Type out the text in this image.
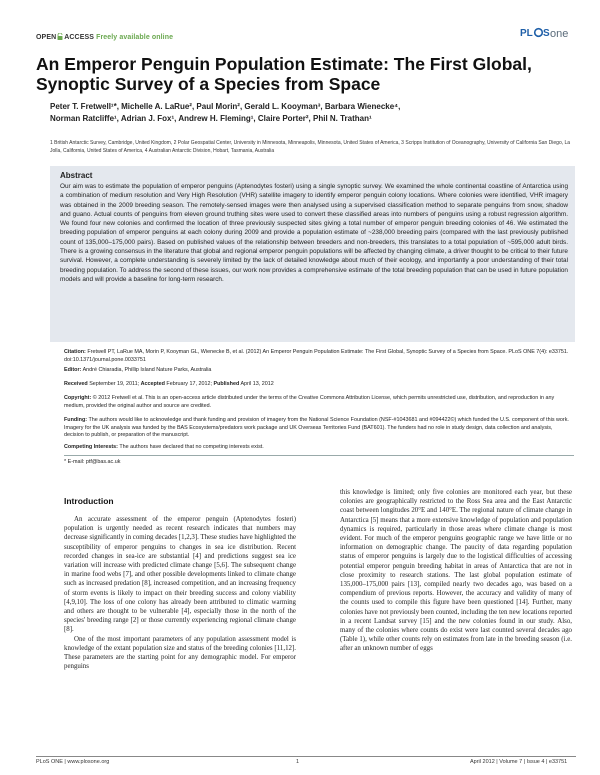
OPEN ACCESS Freely available online	PL S one
An Emperor Penguin Population Estimate: The First Global, Synoptic Survey of a Species from Space
Peter T. Fretwell¹*, Michelle A. LaRue², Paul Morin², Gerald L. Kooyman³, Barbara Wienecke⁴,
Norman Ratcliffe¹, Adrian J. Fox¹, Andrew H. Fleming¹, Claire Porter², Phil N. Trathan¹
1 British Antarctic Survey, Cambridge, United Kingdom, 2 Polar Geospatial Center, University in Minnesota, Minneapolis, Minnesota, United States of America, 3 Scripps Institution of Oceanography, University of California San Diego, La Jolla, California, United States of America, 4 Australian Antarctic Division, Hobart, Tasmania, Australia
Abstract
Our aim was to estimate the population of emperor penguins (Aptenodytes fosteri) using a single synoptic survey. We examined the whole continental coastline of Antarctica using a combination of medium resolution and Very High Resolution (VHR) satellite imagery to identify emperor penguin colony locations. Where colonies were identified, VHR imagery was obtained in the 2009 breeding season. The remotely-sensed images were then analysed using a supervised classification method to separate penguins from snow, shadow and guano. Actual counts of penguins from eleven ground truthing sites were used to convert these classified areas into numbers of penguins using a robust regression algorithm. We found four new colonies and confirmed the location of three previously suspected sites giving a total number of emperor penguin breeding colonies of 46. We estimated the breeding population of emperor penguins at each colony during 2009 and provide a population estimate of ~238,000 breeding pairs (compared with the last previously published count of 135,000–175,000 pairs). Based on published values of the relationship between breeders and non-breeders, this translates to a total population of ~595,000 adult birds. There is a growing consensus in the literature that global and regional emperor penguin populations will be affected by changing climate, a driver thought to be critical to their future survival. However, a complete understanding is severely limited by the lack of detailed knowledge about much of their ecology, and importantly a poor understanding of their total breeding population. To address the second of these issues, our work now provides a comprehensive estimate of the total breeding population that can be used in future population models and will provide a baseline for long-term research.
Citation: Fretwell PT, LaRue MA, Morin P, Kooyman GL, Wienecke B, et al. (2012) An Emperor Penguin Population Estimate: The First Global, Synoptic Survey of a Species from Space. PLoS ONE 7(4): e33751. doi:10.1371/journal.pone.0033751
Editor: André Chiaradia, Phillip Island Nature Parks, Australia
Received September 19, 2011; Accepted February 17, 2012; Published April 13, 2012
Copyright: © 2012 Fretwell et al. This is an open-access article distributed under the terms of the Creative Commons Attribution License, which permits unrestricted use, distribution, and reproduction in any medium, provided the original author and source are credited.
Funding: The authors would like to acknowledge and thank funding and provision of imagery from the National Science Foundation (NSF-#1043681 and #094422©) which funded the U.S. component of this work. Imagery for the UK analysis was funded by the BAS Ecosystems/predators work package and UK Overseas Territories Fund (BAT601). The funders had no role in study design, data collection and analysis, decision to publish, or preparation of the manuscript.
Competing Interests: The authors have declared that no competing interests exist.
* E-mail: ptf@bas.ac.uk
Introduction

An accurate assessment of the emperor penguin (Aptenodytes fosteri) population is urgently needed as recent research indicates that numbers may decrease significantly in coming decades [1,2,3]. These studies have highlighted the susceptibility of emperor penguins to changes in sea ice distribution. Recent recorded changes in sea-ice are substantial [4] and predictions suggest sea ice variation will increase with predicted climate change [5,6]. The subsequent change in marine food webs [7], and other possible developments linked to climate change such as increased predation [8], increased competition, and an increasing frequency of storm events is likely to impact on their breeding success and colony viability [4,9,10]. The loss of one colony has already been attributed to climatic warming and others are thought to be vulnerable [4], especially those in the north of the species' breeding range [2] or those currently experiencing regional climate change [8].

One of the most important parameters of any population assessment model is knowledge of the extant population size and status of the breeding colonies [11,12]. These parameters are the starting point for any demographic model. For emperor penguins

this knowledge is limited; only five colonies are monitored each year, but these colonies are geographically restricted to the Ross Sea area and the East Antarctic coast between longitudes 20°E and 140°E. The regional nature of climate change in Antarctica [5] means that a more extensive knowledge of population and population dynamics is required, particularly in those areas where climate change is most evident. For much of the emperor penguins geographic range we have little or no information on demographic change. The paucity of data regarding population status of emperor penguins is largely due to the logistical difficulties of accessing potential emperor penguin breeding habitat in areas of Antarctica that are not in close proximity to research stations. The last global population estimate of 135,000–175,000 pairs [13], compiled nearly two decades ago, was based on a compendium of previous reports. However, the accuracy and validity of many of the counts used to compile this figure have been questioned [14]. Further, many colonies have not previously been counted, including the ten new locations reported in a recent Landsat survey [15] and the new colonies found in our study. Also, many of the colonies where counts do exist were last counted several decades ago (Table 1), while other counts rely on estimates from late in the breeding season (i.e. after an unknown number of eggs

PLoS ONE | www.plosone.org	1	April 2012 | Volume 7 | Issue 4 | e33751
